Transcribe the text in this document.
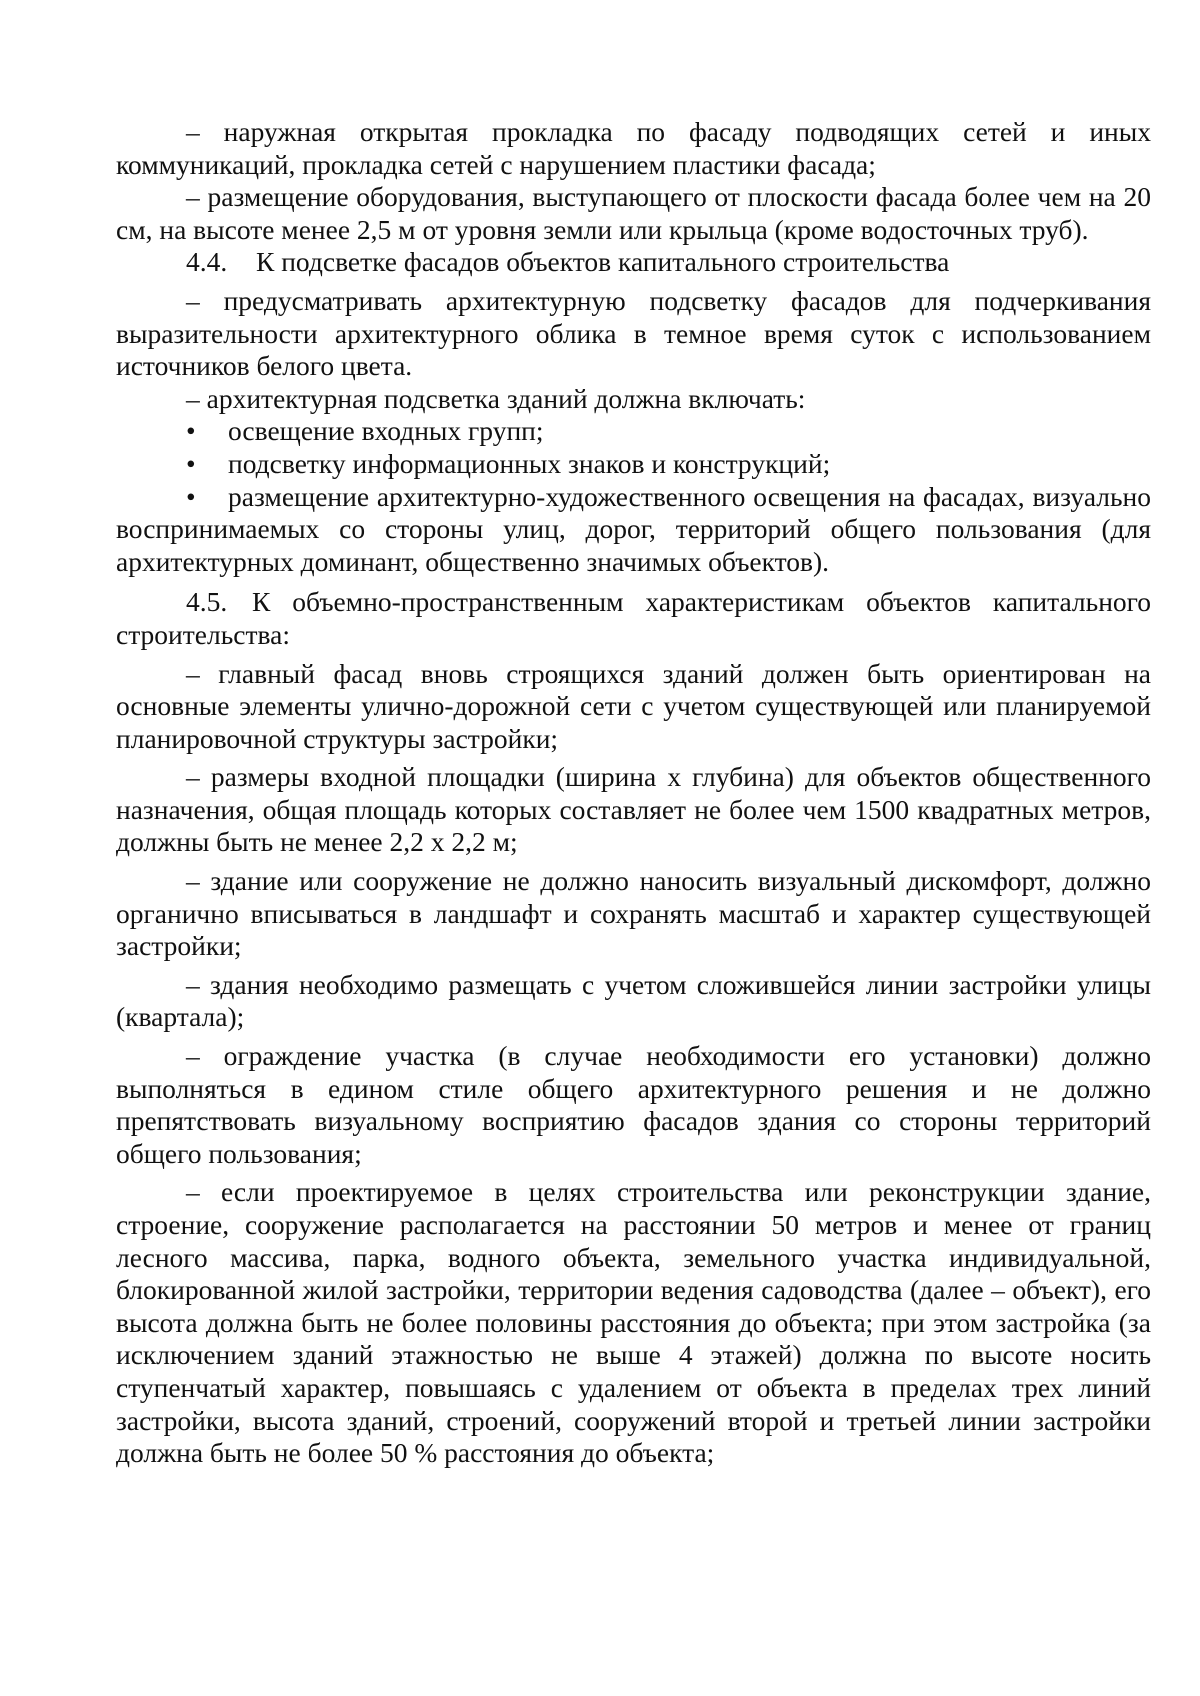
– наружная открытая прокладка по фасаду подводящих сетей и иных коммуникаций, прокладка сетей с нарушением пластики фасада;

– размещение оборудования, выступающего от плоскости фасада более чем на 20 см, на высоте менее 2,5 м от уровня земли или крыльца (кроме водосточных труб).

4.4. К подсветке фасадов объектов капитального строительства

– предусматривать архитектурную подсветку фасадов для подчеркивания выразительности архитектурного облика в темное время суток с использованием источников белого цвета.

– архитектурная подсветка зданий должна включать:

• освещение входных групп;

• подсветку информационных знаков и конструкций;

• размещение архитектурно-художественного освещения на фасадах, визуально воспринимаемых со стороны улиц, дорог, территорий общего пользования (для архитектурных доминант, общественно значимых объектов).

4.5. К объемно-пространственным характеристикам объектов капитального строительства:

– главный фасад вновь строящихся зданий должен быть ориентирован на основные элементы улично-дорожной сети с учетом существующей или планируемой планировочной структуры застройки;

– размеры входной площадки (ширина х глубина) для объектов общественного назначения, общая площадь которых составляет не более чем 1500 квадратных метров, должны быть не менее 2,2 х 2,2 м;

– здание или сооружение не должно наносить визуальный дискомфорт, должно органично вписываться в ландшафт и сохранять масштаб и характер существующей застройки;

– здания необходимо размещать с учетом сложившейся линии застройки улицы (квартала);

– ограждение участка (в случае необходимости его установки) должно выполняться в едином стиле общего архитектурного решения и не должно препятствовать визуальному восприятию фасадов здания со стороны территорий общего пользования;

– если проектируемое в целях строительства или реконструкции здание, строение, сооружение располагается на расстоянии 50 метров и менее от границ лесного массива, парка, водного объекта, земельного участка индивидуальной, блокированной жилой застройки, территории ведения садоводства (далее – объект), его высота должна быть не более половины расстояния до объекта; при этом застройка (за исключением зданий этажностью не выше 4 этажей) должна по высоте носить ступенчатый характер, повышаясь с удалением от объекта в пределах трех линий застройки, высота зданий, строений, сооружений второй и третьей линии застройки должна быть не более 50 % расстояния до объекта;
